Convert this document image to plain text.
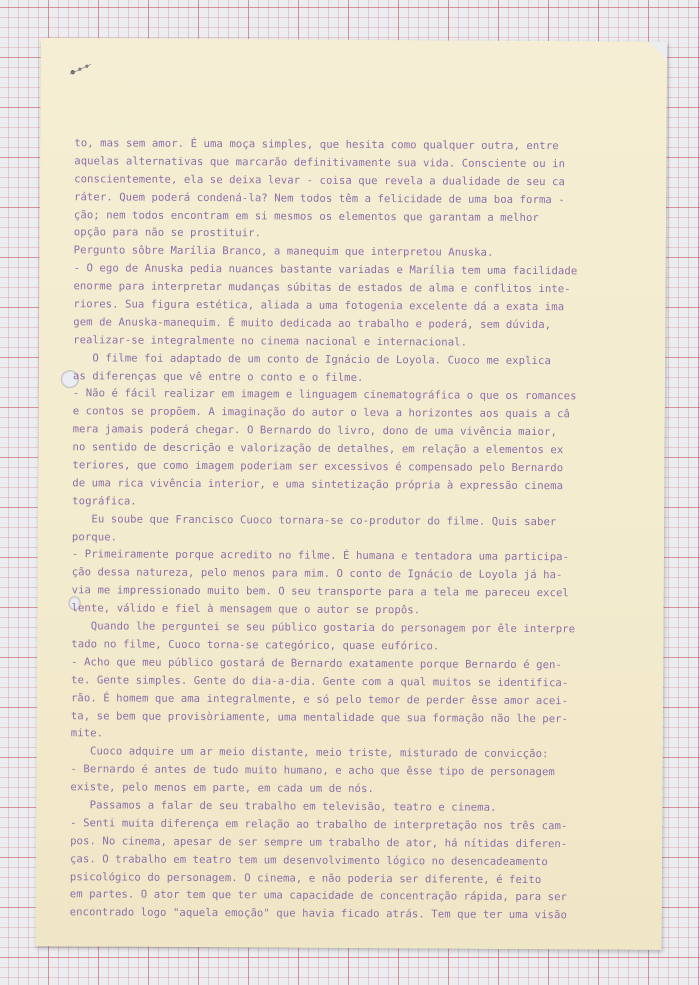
to, mas sem amor. É uma moça simples, que hesita como qualquer outra, entre
aquelas alternativas que marcarão definitivamente sua vida. Consciente ou in
conscientemente, ela se deixa levar - coisa que revela a dualidade de seu ca
ráter. Quem poderá condená-la? Nem todos têm a felicidade de uma boa forma -
ção; nem todos encontram em si mesmos os elementos que garantam a melhor
opção para não se prostituir.
Pergunto sôbre Marília Branco, a manequim que interpretou Anuska.
- O ego de Anuska pedia nuances bastante variadas e Marília tem uma facilidade
enorme para interpretar mudanças súbitas de estados de alma e conflitos inte-
riores. Sua figura estética, aliada a uma fotogenia excelente dá a exata ima
gem de Anuska-manequim. É muito dedicada ao trabalho e poderá, sem dúvida,
realizar-se integralmente no cinema nacional e internacional.
O filme foi adaptado de um conto de Ignácio de Loyola. Cuoco me explica
as diferenças que vê entre o conto e o filme.
- Não é fácil realizar em imagem e linguagem cinematográfica o que os romances
e contos se propõem. A imaginação do autor o leva a horizontes aos quais a câ
mera jamais poderá chegar. O Bernardo do livro, dono de uma vivência maior,
no sentido de descrição e valorização de detalhes, em relação a elementos ex
teriores, que como imagem poderiam ser excessivos é compensado pelo Bernardo
de uma rica vivência interior, e uma sintetização própria à expressão cinema
tográfica.
Eu soube que Francisco Cuoco tornara-se co-produtor do filme. Quis saber
porque.
- Primeiramente porque acredito no filme. É humana e tentadora uma participa-
ção dessa natureza, pelo menos para mim. O conto de Ignácio de Loyola já ha-
via me impressionado muito bem. O seu transporte para a tela me pareceu excel
lente, válido e fiel à mensagem que o autor se propôs.
Quando lhe perguntei se seu público gostaria do personagem por êle interpre
tado no filme, Cuoco torna-se categórico, quase eufórico.
- Acho que meu público gostará de Bernardo exatamente porque Bernardo é gen-
te. Gente simples. Gente do dia-a-dia. Gente com a qual muitos se identifica-
rão. É homem que ama integralmente, e só pelo temor de perder êsse amor acei-
ta, se bem que provisòriamente, uma mentalidade que sua formação não lhe per-
mite.
Cuoco adquire um ar meio distante, meio triste, misturado de convicção:
- Bernardo é antes de tudo muito humano, e acho que êsse tipo de personagem
existe, pelo menos em parte, em cada um de nós.
Passamos a falar de seu trabalho em televisão, teatro e cinema.
- Senti muita diferença em relação ao trabalho de interpretação nos três cam-
pos. No cinema, apesar de ser sempre um trabalho de ator, há nítidas diferen-
ças. O trabalho em teatro tem um desenvolvimento lógico no desencadeamento
psicológico do personagem. O cinema, e não poderia ser diferente, é feito
em partes. O ator tem que ter uma capacidade de concentração rápida, para ser
encontrado logo "aquela emoção" que havia ficado atrás. Tem que ter uma visão
